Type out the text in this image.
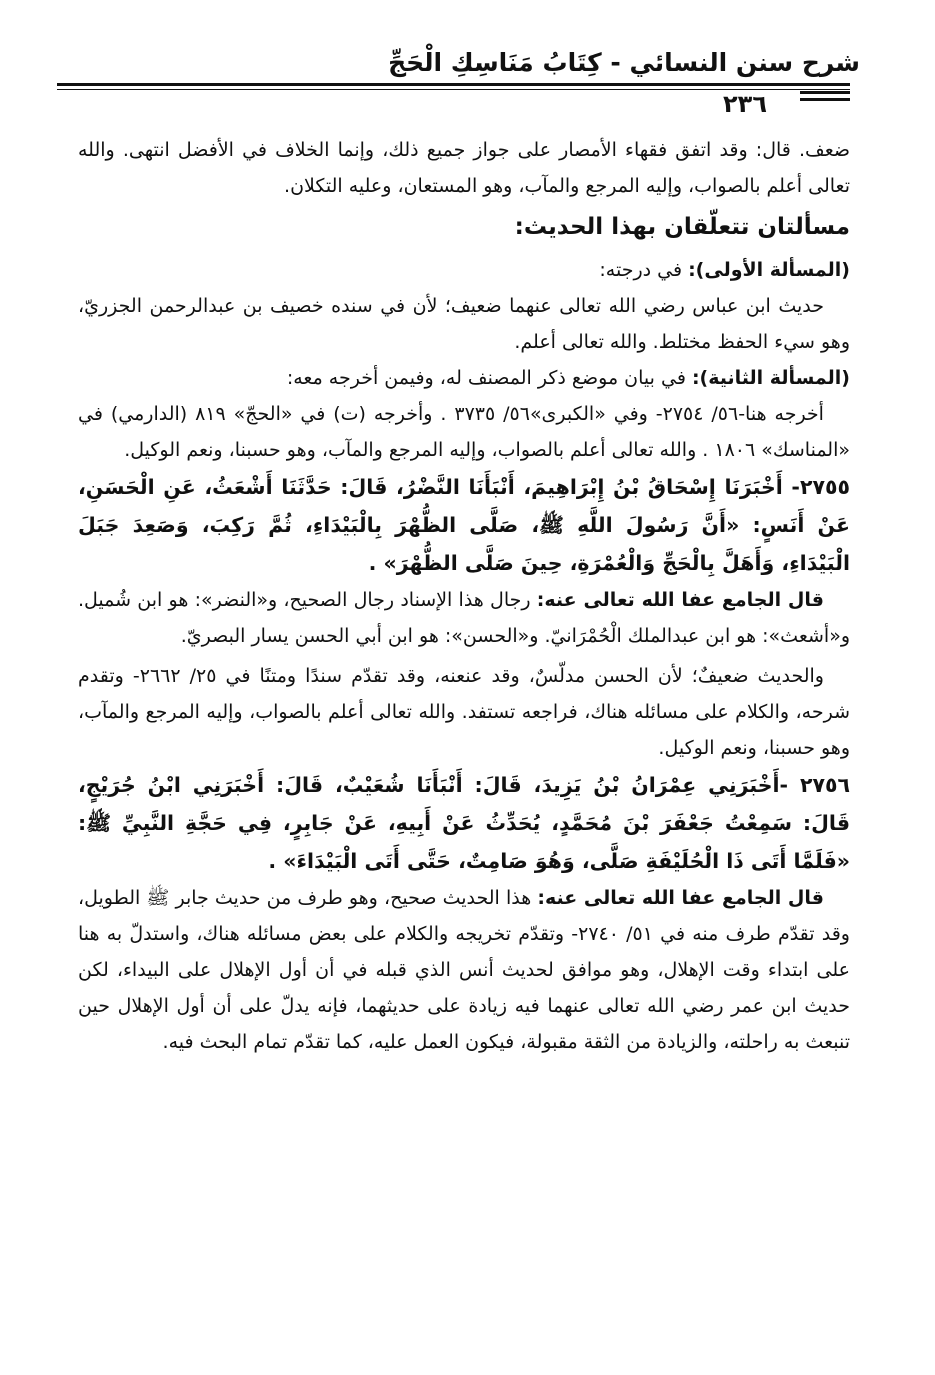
شرح سنن النسائي - كِتَابُ مَنَاسِكِ الْحَجِّ
٢٣٦

ضعف. قال: وقد اتفق فقهاء الأمصار على جواز جميع ذلك، وإنما الخلاف في الأفضل انتهى. والله تعالى أعلم بالصواب، وإليه المرجع والمآب، وهو المستعان، وعليه التكلان.

مسألتان تتعلّقان بهذا الحديث:

(المسألة الأولى): في درجته:

حديث ابن عباس رضي الله تعالى عنهما ضعيف؛ لأن في سنده خصيف بن عبدالرحمن الجزريّ، وهو سيء الحفظ مختلط. والله تعالى أعلم.

(المسألة الثانية): في بيان موضع ذكر المصنف له، وفيمن أخرجه معه:

أخرجه هنا-٥٦/ ٢٧٥٤- وفي «الكبرى»٥٦/ ٣٧٣٥ . وأخرجه (ت) في «الحجّ» ٨١٩ (الدارمي) في «المناسك» ١٨٠٦ . والله تعالى أعلم بالصواب، وإليه المرجع والمآب، وهو حسبنا، ونعم الوكيل.

٢٧٥٥- أَخْبَرَنَا إِسْحَاقُ بْنُ إِبْرَاهِيمَ، أَنْبَأَنَا النَّضْرُ، قَالَ: حَدَّثَنَا أَشْعَثُ، عَنِ الْحَسَنِ، عَنْ أَنَسٍ: «أَنَّ رَسُولَ اللَّهِ ﷺ، صَلَّى الظُّهْرَ بِالْبَيْدَاءِ، ثُمَّ رَكِبَ، وَصَعِدَ جَبَلَ الْبَيْدَاءِ، وَأَهَلَّ بِالْحَجِّ وَالْعُمْرَةِ، حِينَ صَلَّى الظُّهْرَ» .

قال الجامع عفا الله تعالى عنه: رجال هذا الإسناد رجال الصحيح، و«النضر»: هو ابن شُميل. و«أشعث»: هو ابن عبدالملك الْحُمْرَانيّ. و«الحسن»: هو ابن أبي الحسن يسار البصريّ.

والحديث ضعيفٌ؛ لأن الحسن مدلّسٌ، وقد عنعنه، وقد تقدّم سندًا ومتنًا في ٢٥/ ٢٦٦٢- وتقدم شرحه، والكلام على مسائله هناك، فراجعه تستفد. والله تعالى أعلم بالصواب، وإليه المرجع والمآب، وهو حسبنا، ونعم الوكيل.

٢٧٥٦ -أَخْبَرَنِي عِمْرَانُ بْنُ يَزِيدَ، قَالَ: أَنْبَأَنَا شُعَيْبٌ، قَالَ: أَخْبَرَنِي ابْنُ جُرَيْجٍ، قَالَ: سَمِعْتُ جَعْفَرَ بْنَ مُحَمَّدٍ، يُحَدِّثُ عَنْ أَبِيهِ، عَنْ جَابِرٍ، فِي حَجَّةِ النَّبِيِّ ﷺ: «فَلَمَّا أَتَى ذَا الْحُلَيْفَةِ صَلَّى، وَهُوَ صَامِتٌ، حَتَّى أَتَى الْبَيْدَاءَ» .

قال الجامع عفا الله تعالى عنه: هذا الحديث صحيح، وهو طرف من حديث جابر ﷺ الطويل، وقد تقدّم طرف منه في ٥١/ ٢٧٤٠- وتقدّم تخريجه والكلام على بعض مسائله هناك، واستدلّ به هنا على ابتداء وقت الإهلال، وهو موافق لحديث أنس الذي قبله في أن أول الإهلال على البيداء، لكن حديث ابن عمر رضي الله تعالى عنهما فيه زيادة على حديثهما، فإنه يدلّ على أن أول الإهلال حين تنبعث به راحلته، والزيادة من الثقة مقبولة، فيكون العمل عليه، كما تقدّم تمام البحث فيه.
